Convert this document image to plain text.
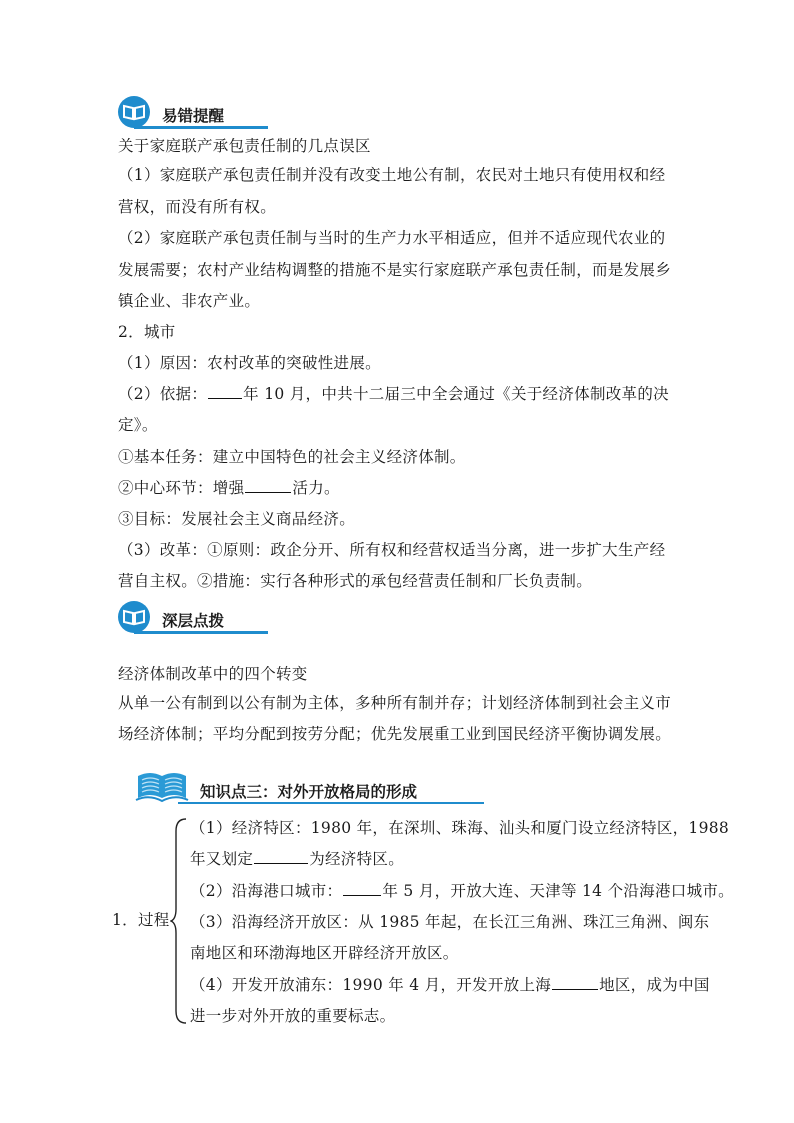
易错提醒
关于家庭联产承包责任制的几点误区
（1）家庭联产承包责任制并没有改变土地公有制，农民对土地只有使用权和经
营权，而没有所有权。
（2）家庭联产承包责任制与当时的生产力水平相适应，但并不适应现代农业的
发展需要；农村产业结构调整的措施不是实行家庭联产承包责任制，而是发展乡
镇企业、非农产业。
2．城市
（1）原因：农村改革的突破性进展。
（2）依据： 年 10 月，中共十二届三中全会通过《关于经济体制改革的决
定》。
①基本任务：建立中国特色的社会主义经济体制。
②中心环节：增强	活力。
③目标：发展社会主义商品经济。
（3）改革：①原则：政企分开、所有权和经营权适当分离，进一步扩大生产经
营自主权。②措施：实行各种形式的承包经营责任制和厂长负责制。
深层点拨
经济体制改革中的四个转变
从单一公有制到以公有制为主体，多种所有制并存；计划经济体制到社会主义市
场经济体制；平均分配到按劳分配；优先发展重工业到国民经济平衡协调发展。
知识点三：对外开放格局的形成
1．过程
（1）经济特区：1980 年，在深圳、珠海、汕头和厦门设立经济特区，1988
年又划定	为经济特区。
（2）沿海港口城市：	年 5 月，开放大连、天津等 14 个沿海港口城市。
（3）沿海经济开放区：从 1985 年起，在长江三角洲、珠江三角洲、闽东
南地区和环渤海地区开辟经济开放区。
（4）开发开放浦东：1990 年 4 月，开发开放上海	地区，成为中国
进一步对外开放的重要标志。
